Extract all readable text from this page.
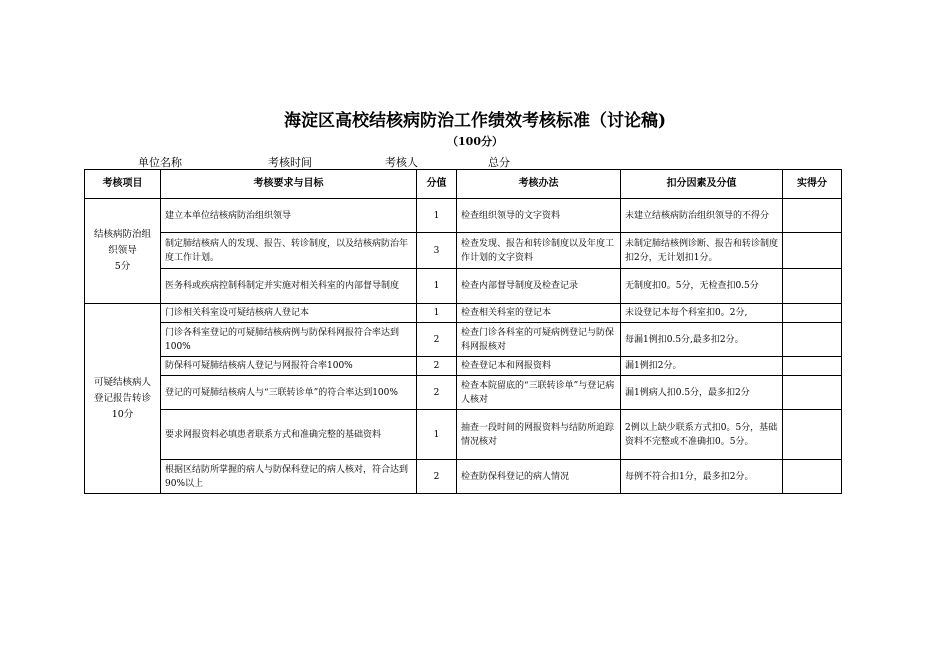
海淀区高校结核病防治工作绩效考核标准（讨论稿)
（100分）
单位名称	考核时间	考核人	总分
考核项目	考核要求与目标	分值	考核办法	扣分因素及分值	实得分

结核病防治组
织领导
5分	建立本单位结核病防治组织领导	1	检查组织领导的文字资料	未建立结核病防治组织领导的不得分	
	制定肺结核病人的发现、报告、转诊制度，以及结核病防治年度工作计划。	3	检查发现、报告和转诊制度以及年度工作计划的文字资料	未制定肺结核例诊断、报告和转诊制度扣2分，无计划扣1分。	
	医务科或疾病控制科制定并实施对相关科室的内部督导制度	1	检查内部督导制度及检查记录	无制度扣0。5分，无检查扣0.5分	

可疑结核病人
登记报告转诊
10分	门诊相关科室设可疑结核病人登记本	1	检查相关科室的登记本	未设登记本每个科室扣0。2分,	
	门诊各科室登记的可疑肺结核病例与防保科网报符合率达到100%	2	检查门诊各科室的可疑病例登记与防保科网报核对	每漏1例扣0.5分,最多扣2分。	
	防保科可疑肺结核病人登记与网报符合率100%	2	检查登记本和网报资料	漏1例扣2分。	
	登记的可疑肺结核病人与“三联转诊单”的符合率达到100%	2	检查本院留底的“三联转诊单”与登记病人核对	漏1例病人扣0.5分，最多扣2分	
	要求网报资料必填患者联系方式和准确完整的基础资料	1	抽查一段时间的网报资料与结防所追踪情况核对	2例以上缺少联系方式扣0。5分，基础资料不完整或不准确扣0。5分。	
	根据区结防所掌握的病人与防保科登记的病人核对，符合达到90%以上	2	检查防保科登记的病人情况	每例不符合扣1分，最多扣2分。	
